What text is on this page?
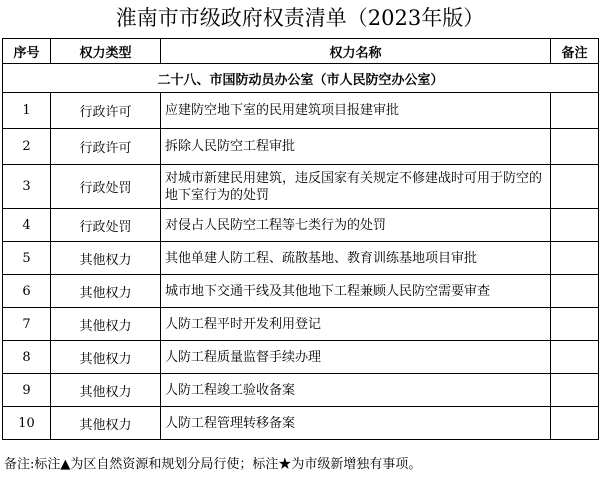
淮南市市级政府权责清单（2023年版）
序号	权力类型	权力名称	备注
二十八、市国防动员办公室（市人民防空办公室）			
1	行政许可	应建防空地下室的民用建筑项目报建审批	
2	行政许可	拆除人民防空工程审批	
3	行政处罚	对城市新建民用建筑，违反国家有关规定不修建战时可用于防空的地下室行为的处罚	
4	行政处罚	对侵占人民防空工程等七类行为的处罚	
5	其他权力	其他单建人防工程、疏散基地、教育训练基地项目审批	
6	其他权力	城市地下交通干线及其他地下工程兼顾人民防空需要审查	
7	其他权力	人防工程平时开发利用登记	
8	其他权力	人防工程质量监督手续办理	
9	其他权力	人防工程竣工验收备案	
10	其他权力	人防工程管理转移备案	
备注:标注▲为区自然资源和规划分局行使；标注★为市级新增独有事项。
